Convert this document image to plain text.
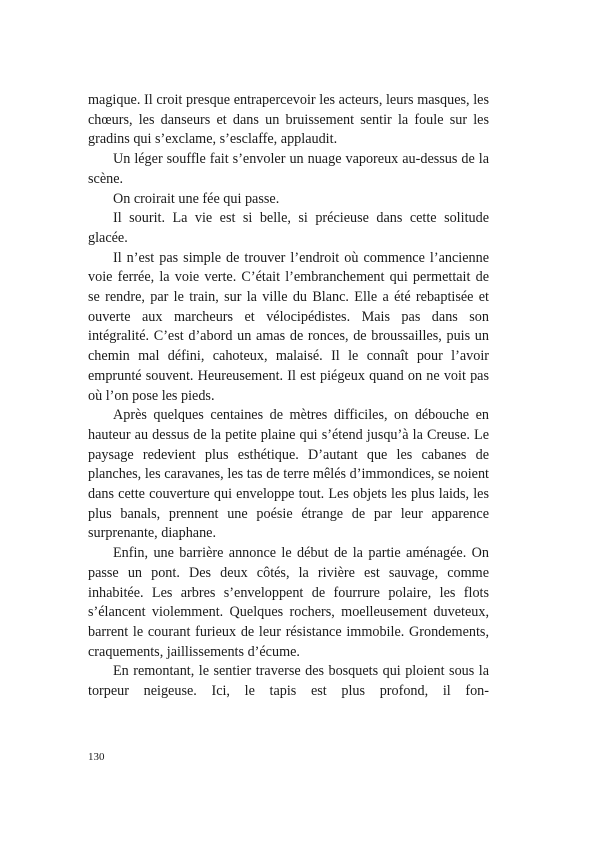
magique. Il croit presque entrapercevoir les acteurs, leurs masques, les chœurs, les danseurs et dans un bruissement sentir la foule sur les gradins qui s’exclame, s’esclaffe, applaudit.

Un léger souffle fait s’envoler un nuage vaporeux au-dessus de la scène.

On croirait une fée qui passe.

Il sourit. La vie est si belle, si précieuse dans cette solitude glacée.

Il n’est pas simple de trouver l’endroit où commence l’ancienne voie ferrée, la voie verte. C’était l’embranchement qui permettait de se rendre, par le train, sur la ville du Blanc. Elle a été rebaptisée et ouverte aux marcheurs et vélocipédistes. Mais pas dans son intégralité. C’est d’abord un amas de ronces, de broussailles, puis un chemin mal défini, cahoteux, malaisé. Il le connaît pour l’avoir emprunté souvent. Heureusement. Il est piégeux quand on ne voit pas où l’on pose les pieds.

Après quelques centaines de mètres difficiles, on débouche en hauteur au dessus de la petite plaine qui s’étend jusqu’à la Creuse. Le paysage redevient plus esthétique. D’autant que les cabanes de planches, les caravanes, les tas de terre mêlés d’immondices, se noient dans cette couverture qui enveloppe tout. Les objets les plus laids, les plus banals, prennent une poésie étrange de par leur apparence surprenante, diaphane.

Enfin, une barrière annonce le début de la partie aménagée. On passe un pont. Des deux côtés, la rivière est sauvage, comme inhabitée. Les arbres s’enveloppent de fourrure polaire, les flots s’élancent violemment. Quelques rochers, moelleusement duveteux, barrent le courant furieux de leur résistance immobile. Grondements, craquements, jaillissements d’écume.

En remontant, le sentier traverse des bosquets qui ploient sous la torpeur neigeuse. Ici, le tapis est plus profond, il fon-

130
